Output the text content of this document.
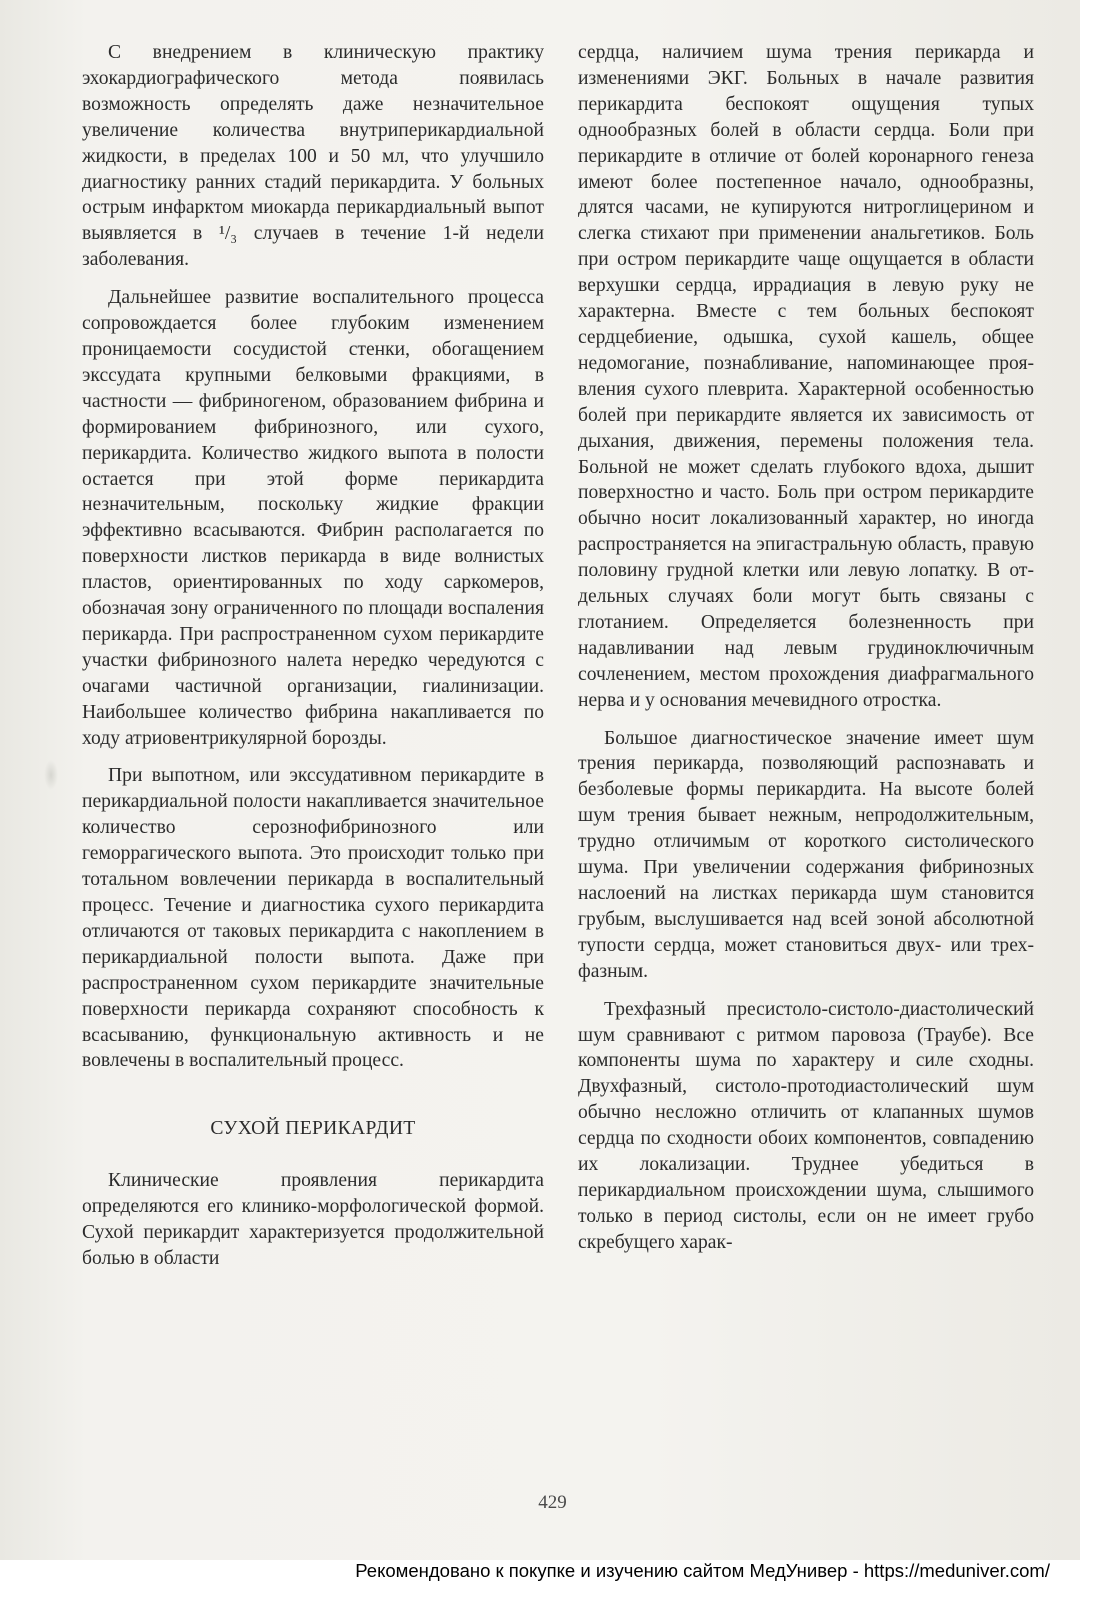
С внедрением в клиническую практику эхокардиографического метода появилась возможность определять даже незначительное увеличение количества внутриперикардиальной жидкости, в пределах 100 и 50 мл, что улучшило диагностику ранних стадий перикардита. У больных острым инфарктом миокарда перикардиальный выпот выявляется в ¹/₃ случаев в течение 1-й недели заболевания.

Дальнейшее развитие воспалительного процесса сопровождается более глубоким изменением проницаемости сосудистой стенки, обогащением экссудата крупными белковыми фракциями, в частности — фибриногеном, образованием фибрина и формированием фибринозного, или сухого, перикардита. Количество жидкого выпота в полости остается при этой форме перикардита незначительным, поскольку жидкие фракции эффективно всасываются. Фибрин располагается по поверхности листков перикарда в виде волнистых пластов, ориентированных по ходу саркомеров, обозначая зону ограниченного по площади воспаления перикарда. При распространенном сухом перикардите участки фибринозного налета нередко чередуются с очагами частичной организации, гиалинизации. Наибольшее количество фибрина накапливается по ходу атриовентрикулярной борозды.

При выпотном, или экссудативном перикардите в перикардиальной полости накапливается значительное количество серознофибринозного или геморрагического выпота. Это происходит только при тотальном вовлечении перикарда в воспалительный процесс. Течение и диагностика сухого перикардита отличаются от таковых перикардита с накоплением в перикардиальной полости выпота. Даже при распространенном сухом перикардите значительные поверхности перикарда сохраняют способность к всасыванию, функциональную активность и не вовлечены в воспалительный процесс.

СУХОЙ ПЕРИКАРДИТ

Клинические проявления перикардита определяются его клинико-морфологической формой. Сухой перикардит характеризуется продолжительной болью в области

сердца, наличием шума трения перикарда и изменениями ЭКГ. Больных в начале развития перикардита беспокоят ощущения тупых однообразных болей в области сердца. Боли при перикардите в отличие от болей коронарного генеза имеют более постепенное начало, однообразны, длятся часами, не купируются нитроглицерином и слегка стихают при применении анальгетиков. Боль при остром перикардите чаще ощущается в области верхушки сердца, иррадиация в левую руку не характерна. Вместе с тем больных беспокоят сердцебиение, одышка, сухой кашель, общее недомогание, познабливание, напоминающее проявления сухого плеврита. Характерной особенностью болей при перикардите является их зависимость от дыхания, движения, перемены положения тела. Больной не может сделать глубокого вдоха, дышит поверхностно и часто. Боль при остром перикардите обычно носит локализованный характер, но иногда распространяется на эпигастральную область, правую половину грудной клетки или левую лопатку. В отдельных случаях боли могут быть связаны с глотанием. Определяется болезненность при надавливании над левым грудиноключичным сочленением, местом прохождения диафрагмального нерва и у основания мечевидного отростка.

Большое диагностическое значение имеет шум трения перикарда, позволяющий распознавать и безболевые формы перикардита. На высоте болей шум трения бывает нежным, непродолжительным, трудно отличимым от короткого систолического шума. При увеличении содержания фибринозных наслоений на листках перикарда шум становится грубым, выслушивается над всей зоной абсолютной тупости сердца, может становиться двух- или трехфазным.

Трехфазный пресистоло-систоло-диастолический шум сравнивают с ритмом паровоза (Траубе). Все компоненты шума по характеру и силе сходны. Двухфазный, систоло-протодиастолический шум обычно несложно отличить от клапанных шумов сердца по сходности обоих компонентов, совпадению их локализации. Труднее убедиться в перикардиальном происхождении шума, слышимого только в период систолы, если он не имеет грубо скребущего харак-

429
Рекомендовано к покупке и изучению сайтом МедУнивер - https://meduniver.com/
